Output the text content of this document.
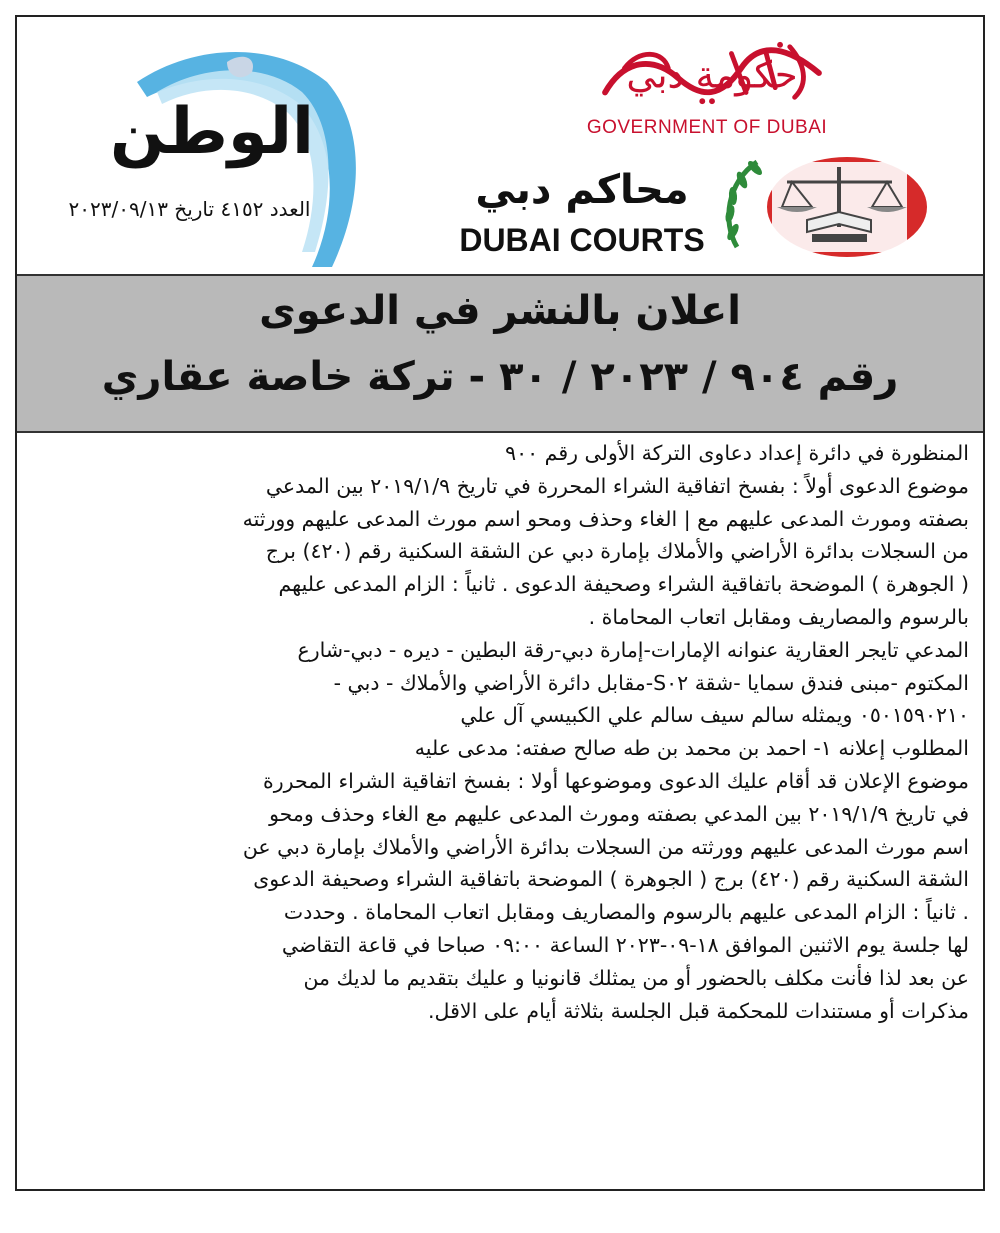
حكومة دبي
GOVERNMENT OF DUBAI
محاكم دبي
DUBAI COURTS
الوطن
العدد ٤١٥٢ تاريخ ٢٠٢٣/٠٩/١٣
اعلان بالنشر في الدعوى
رقم ٩٠٤ / ٢٠٢٣ / ٣٠ - تركة خاصة عقاري

المنظورة في دائرة إعداد دعاوى التركة الأولى رقم ٩٠٠

موضوع الدعوى أولاً : بفسخ اتفاقية الشراء المحررة في تاريخ ٢٠١٩/١/٩ بين المدعي

بصفته ومورث المدعى عليهم مع | الغاء وحذف ومحو اسم مورث المدعى عليهم وورثته

من السجلات بدائرة الأراضي والأملاك بإمارة دبي عن الشقة السكنية رقم (٤٢٠) برج

( الجوهرة ) الموضحة باتفاقية الشراء وصحيفة الدعوى . ثانياً : الزام المدعى عليهم

بالرسوم والمصاريف ومقابل اتعاب المحاماة .

المدعي تايجر العقارية عنوانه الإمارات-إمارة دبي-رقة البطين - ديره - دبي-شارع

المكتوم -مبنى فندق سمايا -شقة S٠٢-مقابل دائرة الأراضي والأملاك - دبي -

٠٥٠١٥٩٠٢١٠ ويمثله سالم سيف سالم علي الكبيسي آل علي

المطلوب إعلانه ١- احمد بن محمد بن طه صالح صفته: مدعى عليه

موضوع الإعلان قد أقام عليك الدعوى وموضوعها أولا : بفسخ اتفاقية الشراء المحررة

في تاريخ ٢٠١٩/١/٩ بين المدعي بصفته ومورث المدعى عليهم مع الغاء وحذف ومحو

اسم مورث المدعى عليهم وورثته من السجلات بدائرة الأراضي والأملاك بإمارة دبي عن

الشقة السكنية رقم (٤٢٠) برج ( الجوهرة ) الموضحة باتفاقية الشراء وصحيفة الدعوى

. ثانياً : الزام المدعى عليهم بالرسوم والمصاريف ومقابل اتعاب المحاماة . وحددت

لها جلسة يوم الاثنين الموافق ١٨-٠٩-٢٠٢٣ الساعة ٠٩:٠٠ صباحا في قاعة التقاضي

عن بعد لذا فأنت مكلف بالحضور أو من يمثلك قانونيا و عليك بتقديم ما لديك من

مذكرات أو مستندات للمحكمة قبل الجلسة بثلاثة أيام على الاقل.
